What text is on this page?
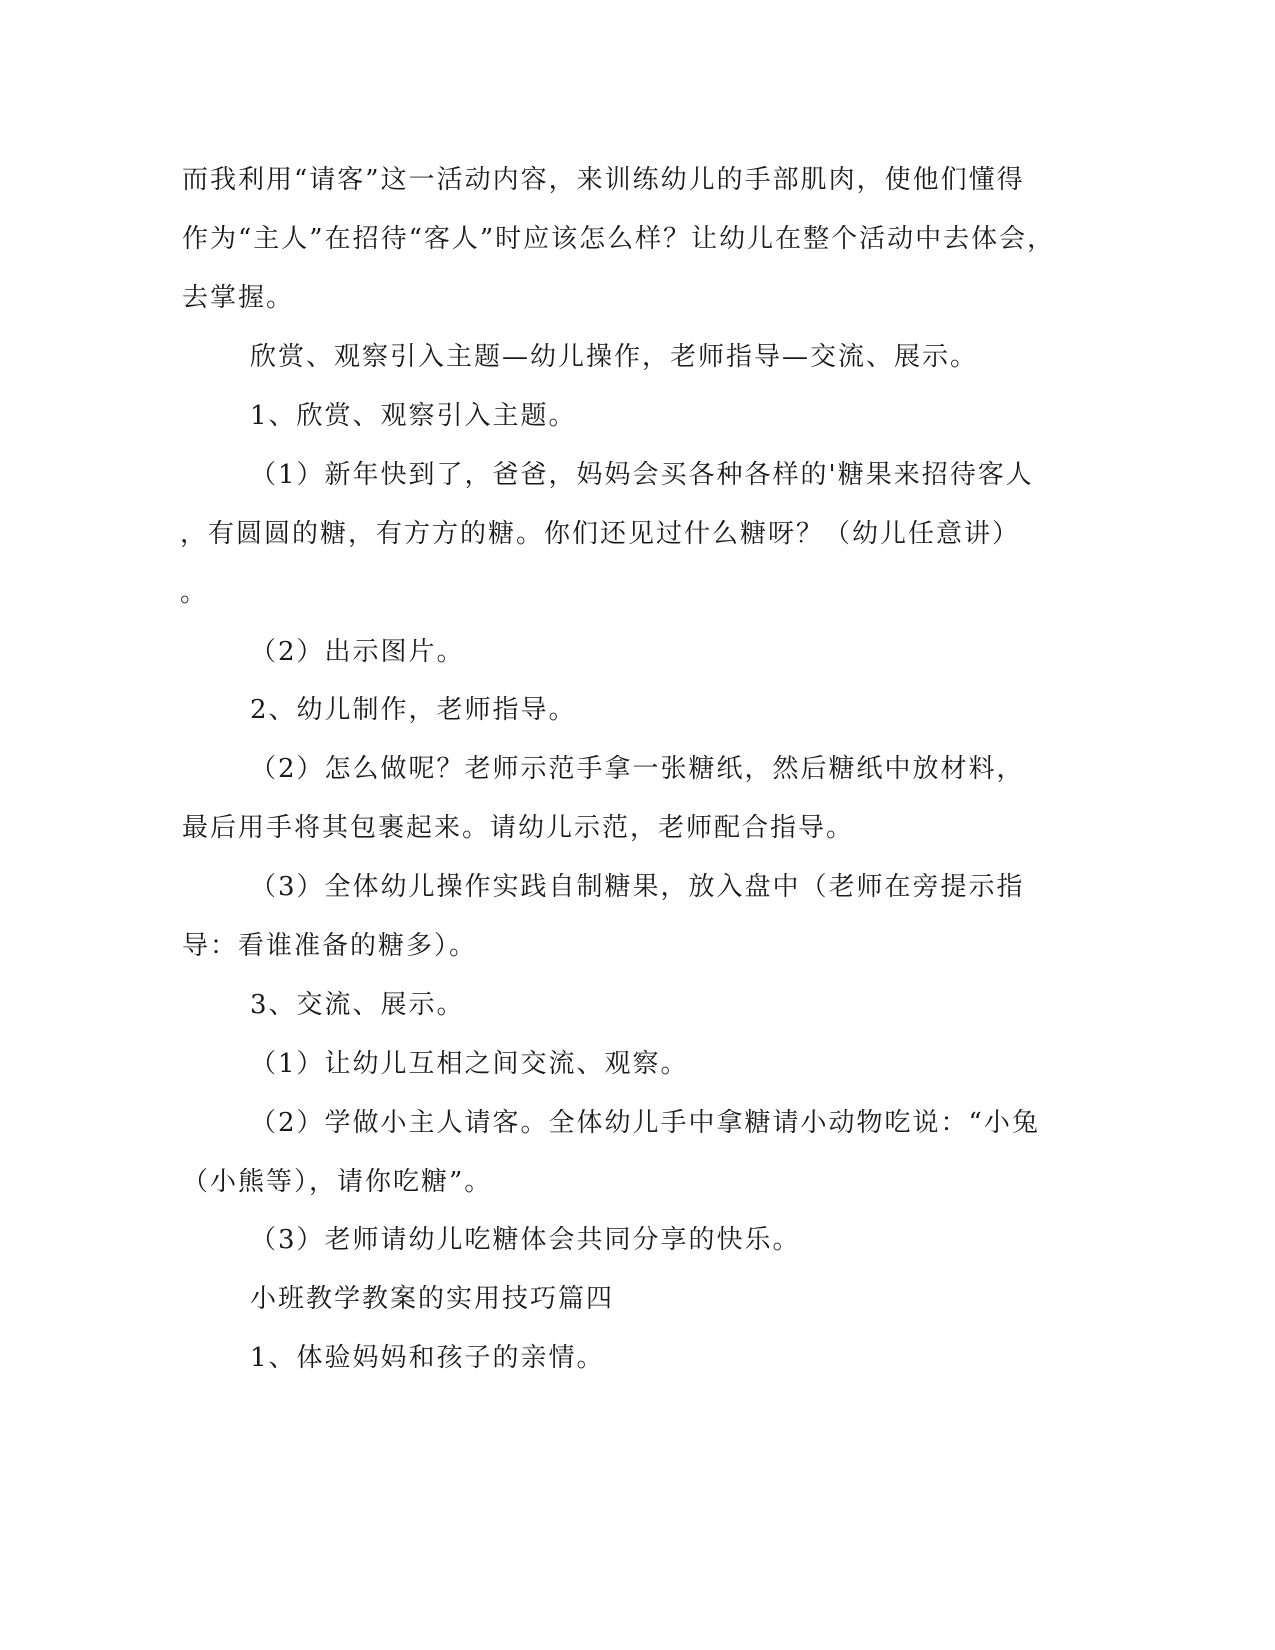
而我利用“请客”这一活动内容，来训练幼儿的手部肌肉，使他们懂得
作为“主人”在招待“客人”时应该怎么样？让幼儿在整个活动中去体会，
去掌握。
欣赏、观察引入主题—幼儿操作，老师指导—交流、展示。
1、欣赏、观察引入主题。
（1）新年快到了，爸爸，妈妈会买各种各样的'糖果来招待客人
，有圆圆的糖，有方方的糖。你们还见过什么糖呀？（幼儿任意讲）
。
（2）出示图片。
2、幼儿制作，老师指导。
（2）怎么做呢？老师示范手拿一张糖纸，然后糖纸中放材料，
最后用手将其包裹起来。请幼儿示范，老师配合指导。
（3）全体幼儿操作实践自制糖果，放入盘中（老师在旁提示指
导：看谁准备的糖多）。
3、交流、展示。
（1）让幼儿互相之间交流、观察。
（2）学做小主人请客。全体幼儿手中拿糖请小动物吃说：“小兔
（小熊等），请你吃糖”。
（3）老师请幼儿吃糖体会共同分享的快乐。
小班教学教案的实用技巧篇四
1、体验妈妈和孩子的亲情。
